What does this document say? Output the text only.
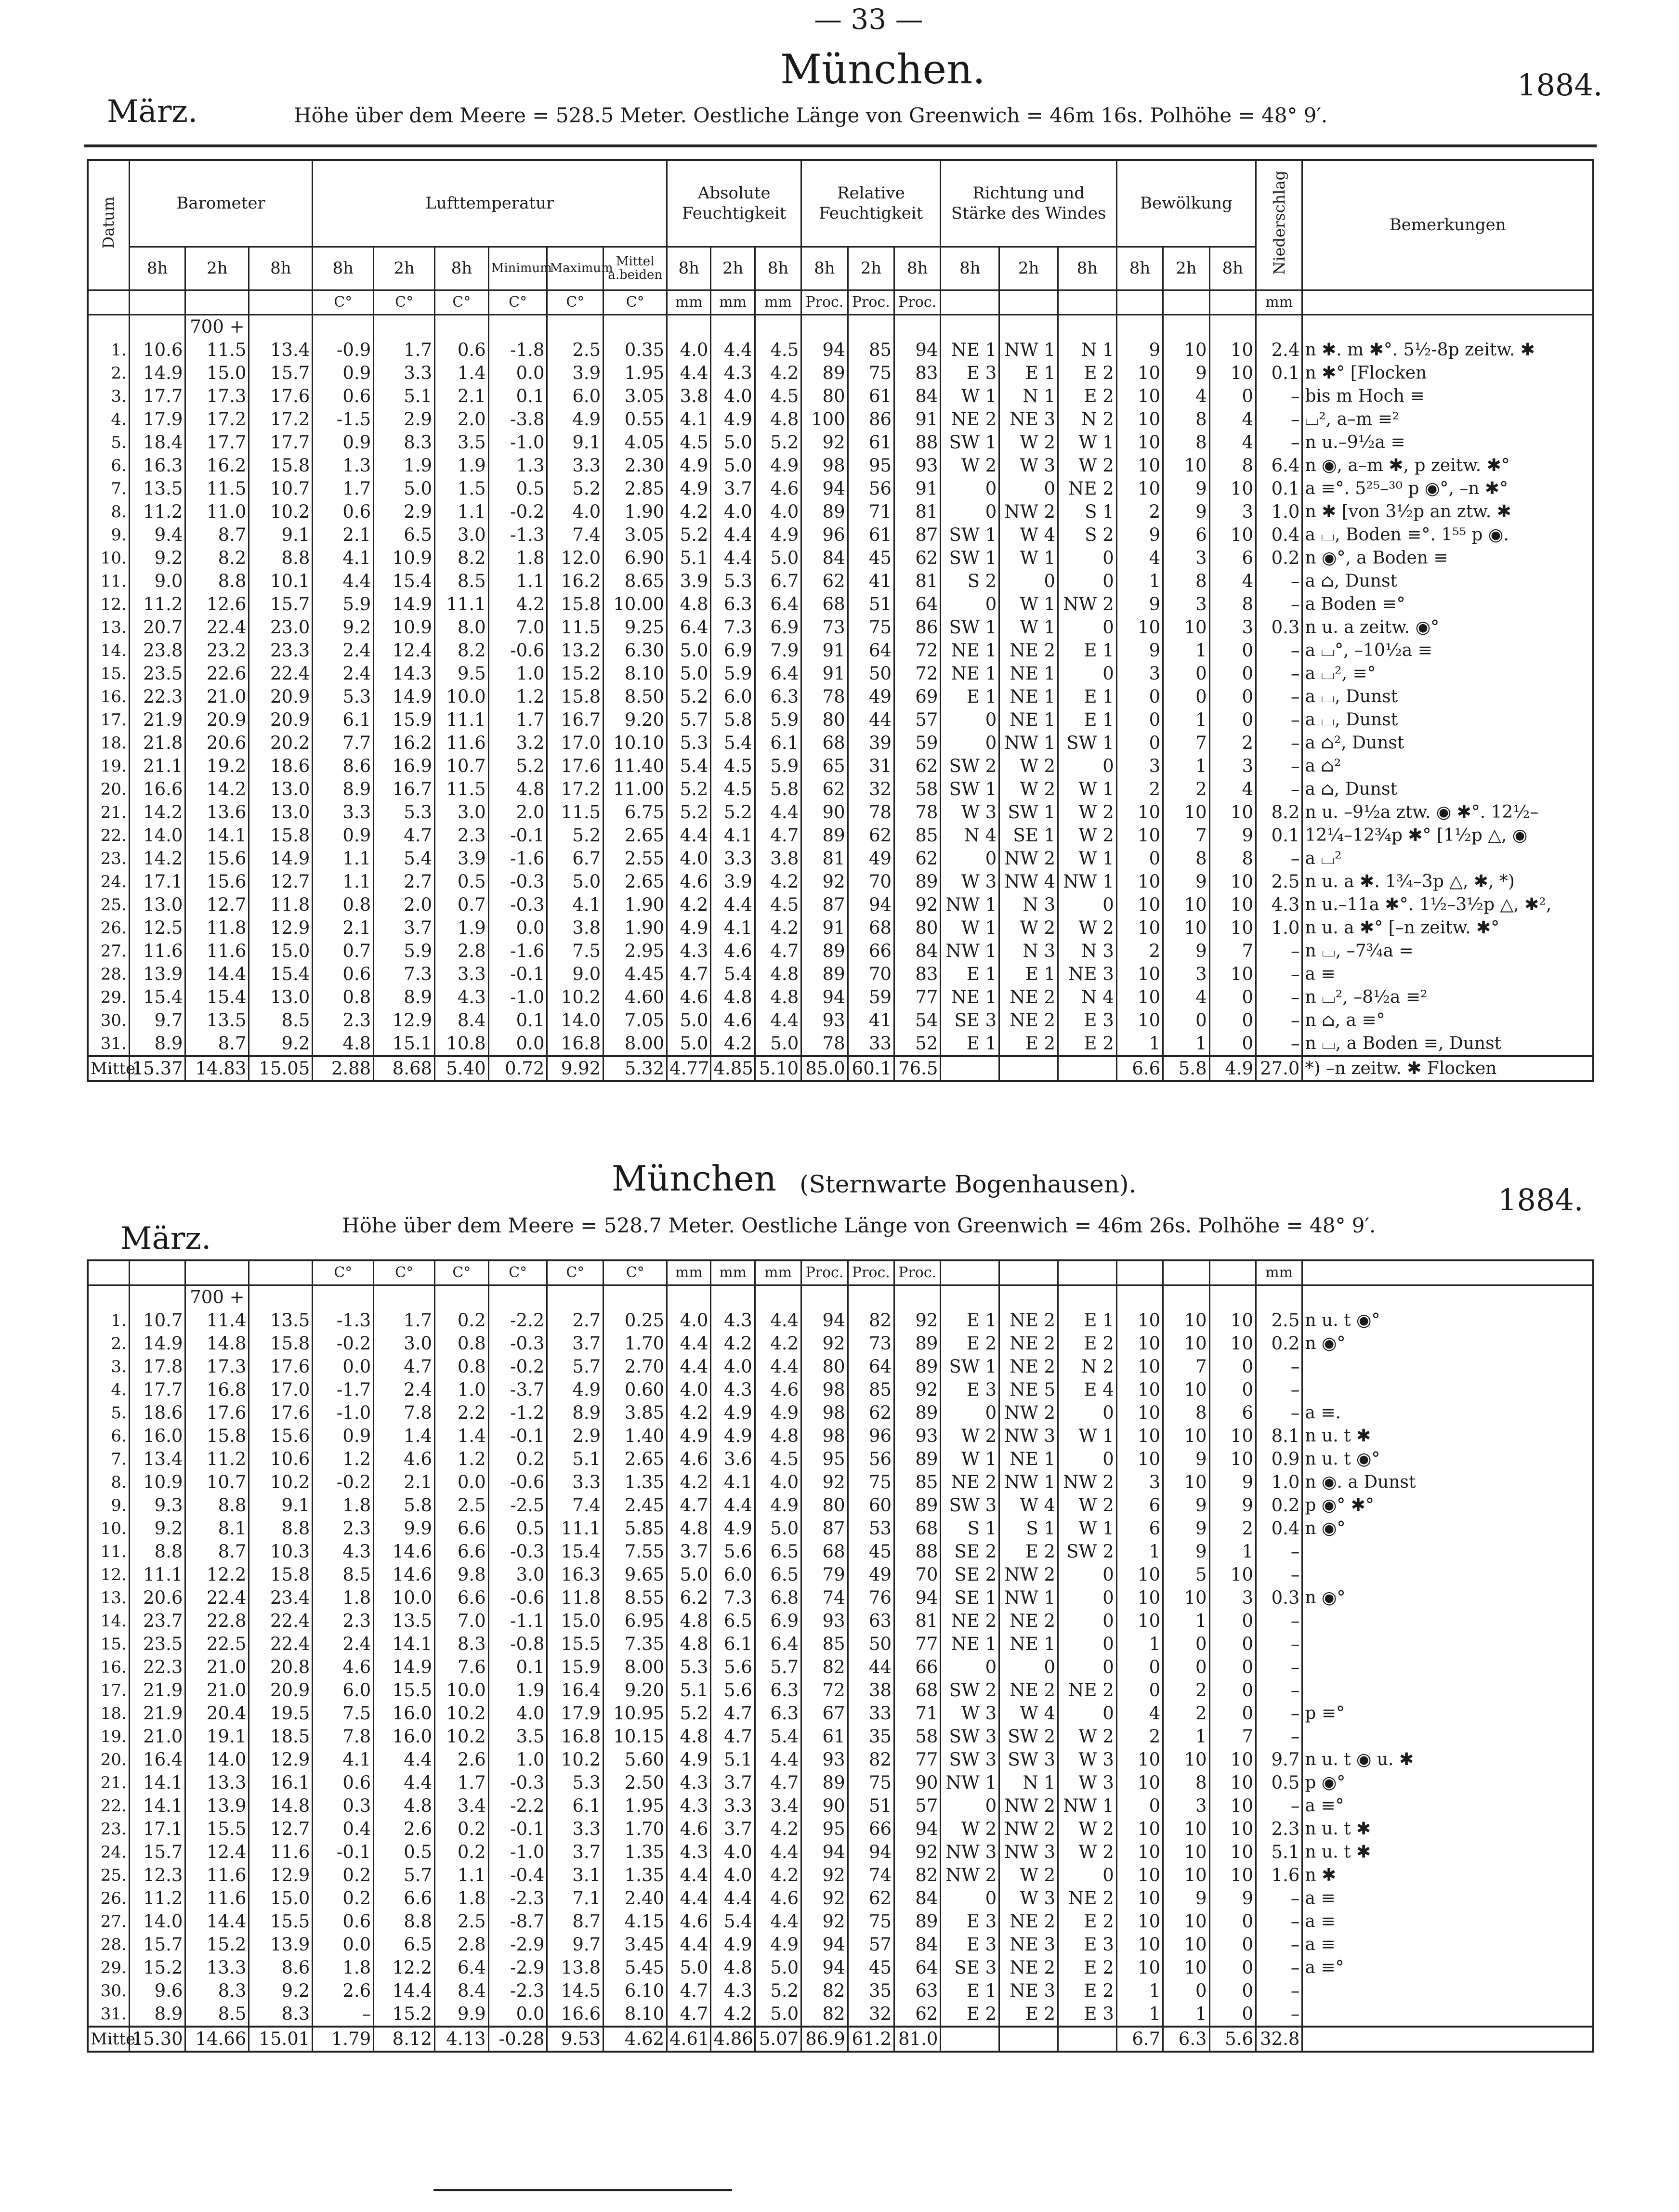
— 33 —
München.	1884.
März.	Höhe über dem Meere = 528.5 Meter. Oestliche Länge von Greenwich = 46m 16s. Polhöhe = 48° 9′.
Datum	Barometer			Lufttemperatur						Absolute Feuchtigkeit			Relative Feuchtigkeit			Richtung und Stärke des Windes			Bewölkung			Niederschlag	Bemerkungen
	8h	2h	8h	8h	2h	8h	Minimum	Maximum	Mittel a.beiden	8h	2h	8h	8h	2h	8h	8h	2h	8h	8h	2h	8h		
				C°	C°	C°	C°	C°	C°	mm	mm	mm	Proc.	Proc.	Proc.							mm	
		700 +																					
1.	10.6	11.5	13.4	-0.9	1.7	0.6	-1.8	2.5	0.35	4.0	4.4	4.5	94	85	94	NE 1	NW 1	N 1	9	10	10	2.4	n ✱. m ✱°. 5½-8p zeitw. ✱
2.	14.9	15.0	15.7	0.9	3.3	1.4	0.0	3.9	1.95	4.4	4.3	4.2	89	75	83	E 3	E 1	E 2	10	9	10	0.1	n ✱° [Flocken
3.	17.7	17.3	17.6	0.6	5.1	2.1	0.1	6.0	3.05	3.8	4.0	4.5	80	61	84	W 1	N 1	E 2	10	4	0	–	bis m Hoch ≡
4.	17.9	17.2	17.2	-1.5	2.9	2.0	-3.8	4.9	0.55	4.1	4.9	4.8	100	86	91	NE 2	NE 3	N 2	10	8	4	–	⌴², a–m ≡²
5.	18.4	17.7	17.7	0.9	8.3	3.5	-1.0	9.1	4.05	4.5	5.0	5.2	92	61	88	SW 1	W 2	W 1	10	8	4	–	n u.–9½a ≡
6.	16.3	16.2	15.8	1.3	1.9	1.9	1.3	3.3	2.30	4.9	5.0	4.9	98	95	93	W 2	W 3	W 2	10	10	8	6.4	n ◉, a–m ✱, p zeitw. ✱°
7.	13.5	11.5	10.7	1.7	5.0	1.5	0.5	5.2	2.85	4.9	3.7	4.6	94	56	91	0	0	NE 2	10	9	10	0.1	a ≡°. 5²⁵–³⁰ p ◉°, –n ✱°
8.	11.2	11.0	10.2	0.6	2.9	1.1	-0.2	4.0	1.90	4.2	4.0	4.0	89	71	81	0	NW 2	S 1	2	9	3	1.0	n ✱ [von 3½p an ztw. ✱
9.	9.4	8.7	9.1	2.1	6.5	3.0	-1.3	7.4	3.05	5.2	4.4	4.9	96	61	87	SW 1	W 4	S 2	9	6	10	0.4	a ⌴, Boden ≡°. 1⁵⁵ p ◉.
10.	9.2	8.2	8.8	4.1	10.9	8.2	1.8	12.0	6.90	5.1	4.4	5.0	84	45	62	SW 1	W 1	0	4	3	6	0.2	n ◉°, a Boden ≡
11.	9.0	8.8	10.1	4.4	15.4	8.5	1.1	16.2	8.65	3.9	5.3	6.7	62	41	81	S 2	0	0	1	8	4	–	a ⌂, Dunst
12.	11.2	12.6	15.7	5.9	14.9	11.1	4.2	15.8	10.00	4.8	6.3	6.4	68	51	64	0	W 1	NW 2	9	3	8	–	a Boden ≡°
13.	20.7	22.4	23.0	9.2	10.9	8.0	7.0	11.5	9.25	6.4	7.3	6.9	73	75	86	SW 1	W 1	0	10	10	3	0.3	n u. a zeitw. ◉°
14.	23.8	23.2	23.3	2.4	12.4	8.2	-0.6	13.2	6.30	5.0	6.9	7.9	91	64	72	NE 1	NE 2	E 1	9	1	0	–	a ⌴°, –10½a ≡
15.	23.5	22.6	22.4	2.4	14.3	9.5	1.0	15.2	8.10	5.0	5.9	6.4	91	50	72	NE 1	NE 1	0	3	0	0	–	a ⌴², ≡°
16.	22.3	21.0	20.9	5.3	14.9	10.0	1.2	15.8	8.50	5.2	6.0	6.3	78	49	69	E 1	NE 1	E 1	0	0	0	–	a ⌴, Dunst
17.	21.9	20.9	20.9	6.1	15.9	11.1	1.7	16.7	9.20	5.7	5.8	5.9	80	44	57	0	NE 1	E 1	0	1	0	–	a ⌴, Dunst
18.	21.8	20.6	20.2	7.7	16.2	11.6	3.2	17.0	10.10	5.3	5.4	6.1	68	39	59	0	NW 1	SW 1	0	7	2	–	a ⌂², Dunst
19.	21.1	19.2	18.6	8.6	16.9	10.7	5.2	17.6	11.40	5.4	4.5	5.9	65	31	62	SW 2	W 2	0	3	1	3	–	a ⌂²
20.	16.6	14.2	13.0	8.9	16.7	11.5	4.8	17.2	11.00	5.2	4.5	5.8	62	32	58	SW 1	W 2	W 1	2	2	4	–	a ⌂, Dunst
21.	14.2	13.6	13.0	3.3	5.3	3.0	2.0	11.5	6.75	5.2	5.2	4.4	90	78	78	W 3	SW 1	W 2	10	10	10	8.2	n u. –9½a ztw. ◉ ✱°. 12½–
22.	14.0	14.1	15.8	0.9	4.7	2.3	-0.1	5.2	2.65	4.4	4.1	4.7	89	62	85	N 4	SE 1	W 2	10	7	9	0.1	12¼–12¾p ✱° [1½p △, ◉
23.	14.2	15.6	14.9	1.1	5.4	3.9	-1.6	6.7	2.55	4.0	3.3	3.8	81	49	62	0	NW 2	W 1	0	8	8	–	a ⌴²
24.	17.1	15.6	12.7	1.1	2.7	0.5	-0.3	5.0	2.65	4.6	3.9	4.2	92	70	89	W 3	NW 4	NW 1	10	9	10	2.5	n u. a ✱. 1¾–3p △, ✱, *)
25.	13.0	12.7	11.8	0.8	2.0	0.7	-0.3	4.1	1.90	4.2	4.4	4.5	87	94	92	NW 1	N 3	0	10	10	10	4.3	n u.–11a ✱°. 1½–3½p △, ✱²,
26.	12.5	11.8	12.9	2.1	3.7	1.9	0.0	3.8	1.90	4.9	4.1	4.2	91	68	80	W 1	W 2	W 2	10	10	10	1.0	n u. a ✱° [–n zeitw. ✱°
27.	11.6	11.6	15.0	0.7	5.9	2.8	-1.6	7.5	2.95	4.3	4.6	4.7	89	66	84	NW 1	N 3	N 3	2	9	7	–	n ⌴, –7¾a =
28.	13.9	14.4	15.4	0.6	7.3	3.3	-0.1	9.0	4.45	4.7	5.4	4.8	89	70	83	E 1	E 1	NE 3	10	3	10	–	a ≡
29.	15.4	15.4	13.0	0.8	8.9	4.3	-1.0	10.2	4.60	4.6	4.8	4.8	94	59	77	NE 1	NE 2	N 4	10	4	0	–	n ⌴², –8½a ≡²
30.	9.7	13.5	8.5	2.3	12.9	8.4	0.1	14.0	7.05	5.0	4.6	4.4	93	41	54	SE 3	NE 2	E 3	10	0	0	–	n ⌂, a ≡°
31.	8.9	8.7	9.2	4.8	15.1	10.8	0.0	16.8	8.00	5.0	4.2	5.0	78	33	52	E 1	E 2	E 2	1	1	0	–	n ⌴, a Boden ≡, Dunst
Mittel	15.37	14.83	15.05	2.88	8.68	5.40	0.72	9.92	5.32	4.77	4.85	5.10	85.0	60.1	76.5				6.6	5.8	4.9	27.0	*) –n zeitw. ✱ Flocken
München (Sternwarte Bogenhausen).	1884.
März.	Höhe über dem Meere = 528.7 Meter. Oestliche Länge von Greenwich = 46m 26s. Polhöhe = 48° 9′.
				C°	C°	C°	C°	C°	C°	mm	mm	mm	Proc.	Proc.	Proc.							mm	
		700 +																					
1.	10.7	11.4	13.5	-1.3	1.7	0.2	-2.2	2.7	0.25	4.0	4.3	4.4	94	82	92	E 1	NE 2	E 1	10	10	10	2.5	n u. t ◉°
2.	14.9	14.8	15.8	-0.2	3.0	0.8	-0.3	3.7	1.70	4.4	4.2	4.2	92	73	89	E 2	NE 2	E 2	10	10	10	0.2	n ◉°
3.	17.8	17.3	17.6	0.0	4.7	0.8	-0.2	5.7	2.70	4.4	4.0	4.4	80	64	89	SW 1	NE 2	N 2	10	7	0	–	
4.	17.7	16.8	17.0	-1.7	2.4	1.0	-3.7	4.9	0.60	4.0	4.3	4.6	98	85	92	E 3	NE 5	E 4	10	10	0	–	
5.	18.6	17.6	17.6	-1.0	7.8	2.2	-1.2	8.9	3.85	4.2	4.9	4.9	98	62	89	0	NW 2	0	10	8	6	–	a ≡.
6.	16.0	15.8	15.6	0.9	1.4	1.4	-0.1	2.9	1.40	4.9	4.9	4.8	98	96	93	W 2	NW 3	W 1	10	10	10	8.1	n u. t ✱
7.	13.4	11.2	10.6	1.2	4.6	1.2	0.2	5.1	2.65	4.6	3.6	4.5	95	56	89	W 1	NE 1	0	10	9	10	0.9	n u. t ◉°
8.	10.9	10.7	10.2	-0.2	2.1	0.0	-0.6	3.3	1.35	4.2	4.1	4.0	92	75	85	NE 2	NW 1	NW 2	3	10	9	1.0	n ◉. a Dunst
9.	9.3	8.8	9.1	1.8	5.8	2.5	-2.5	7.4	2.45	4.7	4.4	4.9	80	60	89	SW 3	W 4	W 2	6	9	9	0.2	p ◉° ✱°
10.	9.2	8.1	8.8	2.3	9.9	6.6	0.5	11.1	5.85	4.8	4.9	5.0	87	53	68	S 1	S 1	W 1	6	9	2	0.4	n ◉°
11.	8.8	8.7	10.3	4.3	14.6	6.6	-0.3	15.4	7.55	3.7	5.6	6.5	68	45	88	SE 2	E 2	SW 2	1	9	1	–	
12.	11.1	12.2	15.8	8.5	14.6	9.8	3.0	16.3	9.65	5.0	6.0	6.5	79	49	70	SE 2	NW 2	0	10	5	10	–	
13.	20.6	22.4	23.4	1.8	10.0	6.6	-0.6	11.8	8.55	6.2	7.3	6.8	74	76	94	SE 1	NW 1	0	10	10	3	0.3	n ◉°
14.	23.7	22.8	22.4	2.3	13.5	7.0	-1.1	15.0	6.95	4.8	6.5	6.9	93	63	81	NE 2	NE 2	0	10	1	0	–	
15.	23.5	22.5	22.4	2.4	14.1	8.3	-0.8	15.5	7.35	4.8	6.1	6.4	85	50	77	NE 1	NE 1	0	1	0	0	–	
16.	22.3	21.0	20.8	4.6	14.9	7.6	0.1	15.9	8.00	5.3	5.6	5.7	82	44	66	0	0	0	0	0	0	–	
17.	21.9	21.0	20.9	6.0	15.5	10.0	1.9	16.4	9.20	5.1	5.6	6.3	72	38	68	SW 2	NE 2	NE 2	0	2	0	–	
18.	21.9	20.4	19.5	7.5	16.0	10.2	4.0	17.9	10.95	5.2	4.7	6.3	67	33	71	W 3	W 4	0	4	2	0	–	p ≡°
19.	21.0	19.1	18.5	7.8	16.0	10.2	3.5	16.8	10.15	4.8	4.7	5.4	61	35	58	SW 3	SW 2	W 2	2	1	7	–	
20.	16.4	14.0	12.9	4.1	4.4	2.6	1.0	10.2	5.60	4.9	5.1	4.4	93	82	77	SW 3	SW 3	W 3	10	10	10	9.7	n u. t ◉ u. ✱
21.	14.1	13.3	16.1	0.6	4.4	1.7	-0.3	5.3	2.50	4.3	3.7	4.7	89	75	90	NW 1	N 1	W 3	10	8	10	0.5	p ◉°
22.	14.1	13.9	14.8	0.3	4.8	3.4	-2.2	6.1	1.95	4.3	3.3	3.4	90	51	57	0	NW 2	NW 1	0	3	10	–	a ≡°
23.	17.1	15.5	12.7	0.4	2.6	0.2	-0.1	3.3	1.70	4.6	3.7	4.2	95	66	94	W 2	NW 2	W 2	10	10	10	2.3	n u. t ✱
24.	15.7	12.4	11.6	-0.1	0.5	0.2	-1.0	3.7	1.35	4.3	4.0	4.4	94	94	92	NW 3	NW 3	W 2	10	10	10	5.1	n u. t ✱
25.	12.3	11.6	12.9	0.2	5.7	1.1	-0.4	3.1	1.35	4.4	4.0	4.2	92	74	82	NW 2	W 2	0	10	10	10	1.6	n ✱
26.	11.2	11.6	15.0	0.2	6.6	1.8	-2.3	7.1	2.40	4.4	4.4	4.6	92	62	84	0	W 3	NE 2	10	9	9	–	a ≡
27.	14.0	14.4	15.5	0.6	8.8	2.5	-8.7	8.7	4.15	4.6	5.4	4.4	92	75	89	E 3	NE 2	E 2	10	10	0	–	a ≡
28.	15.7	15.2	13.9	0.0	6.5	2.8	-2.9	9.7	3.45	4.4	4.9	4.9	94	57	84	E 3	NE 3	E 3	10	10	0	–	a ≡
29.	15.2	13.3	8.6	1.8	12.2	6.4	-2.9	13.8	5.45	5.0	4.8	5.0	94	45	64	SE 3	NE 2	E 2	10	10	0	–	a ≡°
30.	9.6	8.3	9.2	2.6	14.4	8.4	-2.3	14.5	6.10	4.7	4.3	5.2	82	35	63	E 1	NE 3	E 2	1	0	0	–	
31.	8.9	8.5	8.3	–	15.2	9.9	0.0	16.6	8.10	4.7	4.2	5.0	82	32	62	E 2	E 2	E 3	1	1	0	–	
Mittel	15.30	14.66	15.01	1.79	8.12	4.13	-0.28	9.53	4.62	4.61	4.86	5.07	86.9	61.2	81.0				6.7	6.3	5.6	32.8	
